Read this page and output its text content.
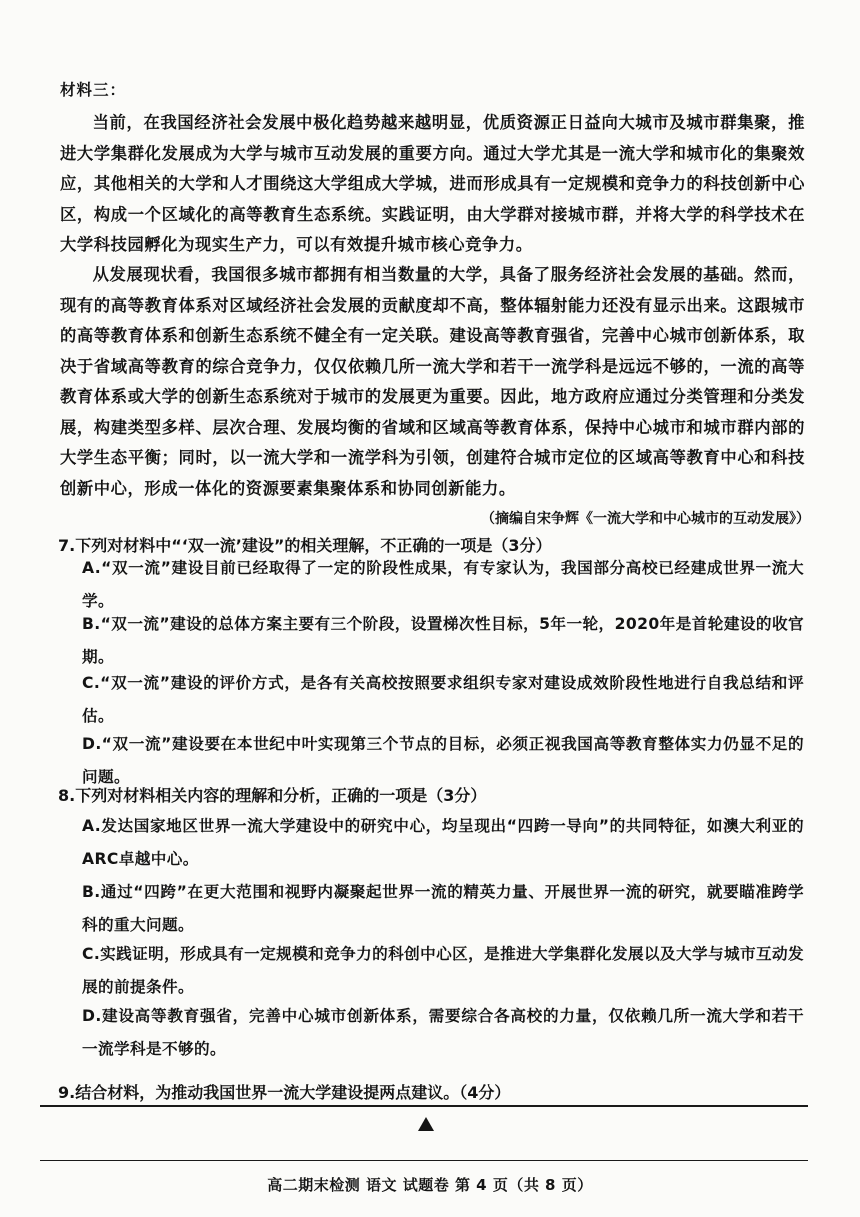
材料三：

当前，在我国经济社会发展中极化趋势越来越明显，优质资源正日益向大城市及城市群集聚，推进大学集群化发展成为大学与城市互动发展的重要方向。通过大学尤其是一流大学和城市化的集聚效应，其他相关的大学和人才围绕这大学组成大学城，进而形成具有一定规模和竞争力的科技创新中心区，构成一个区域化的高等教育生态系统。实践证明，由大学群对接城市群，并将大学的科学技术在大学科技园孵化为现实生产力，可以有效提升城市核心竞争力。

从发展现状看，我国很多城市都拥有相当数量的大学，具备了服务经济社会发展的基础。然而，现有的高等教育体系对区域经济社会发展的贡献度却不高，整体辐射能力还没有显示出来。这跟城市的高等教育体系和创新生态系统不健全有一定关联。建设高等教育强省，完善中心城市创新体系，取决于省域高等教育的综合竞争力，仅仅依赖几所一流大学和若干一流学科是远远不够的，一流的高等教育体系或大学的创新生态系统对于城市的发展更为重要。因此，地方政府应通过分类管理和分类发展，构建类型多样、层次合理、发展均衡的省域和区域高等教育体系，保持中心城市和城市群内部的大学生态平衡；同时，以一流大学和一流学科为引领，创建符合城市定位的区域高等教育中心和科技创新中心，形成一体化的资源要素集聚体系和协同创新能力。

（摘编自宋争辉《一流大学和中心城市的互动发展》）

7.下列对材料中“‘双一流’建设”的相关理解，不正确的一项是（3分）

A.“双一流”建设目前已经取得了一定的阶段性成果，有专家认为，我国部分高校已经建成世界一流大学。

B.“双一流”建设的总体方案主要有三个阶段，设置梯次性目标，5年一轮，2020年是首轮建设的收官期。

C.“双一流”建设的评价方式，是各有关高校按照要求组织专家对建设成效阶段性地进行自我总结和评估。

D.“双一流”建设要在本世纪中叶实现第三个节点的目标，必须正视我国高等教育整体实力仍显不足的问题。

8.下列对材料相关内容的理解和分析，正确的一项是（3分）

A.发达国家地区世界一流大学建设中的研究中心，均呈现出“四跨一导向”的共同特征，如澳大利亚的ARC卓越中心。

B.通过“四跨”在更大范围和视野内凝聚起世界一流的精英力量、开展世界一流的研究，就要瞄准跨学科的重大问题。

C.实践证明，形成具有一定规模和竞争力的科创中心区，是推进大学集群化发展以及大学与城市互动发展的前提条件。

D.建设高等教育强省，完善中心城市创新体系，需要综合各高校的力量，仅依赖几所一流大学和若干一流学科是不够的。

9.结合材料，为推动我国世界一流大学建设提两点建议。（4分）

高二期末检测 语文 试题卷 第 4 页（共 8 页）
